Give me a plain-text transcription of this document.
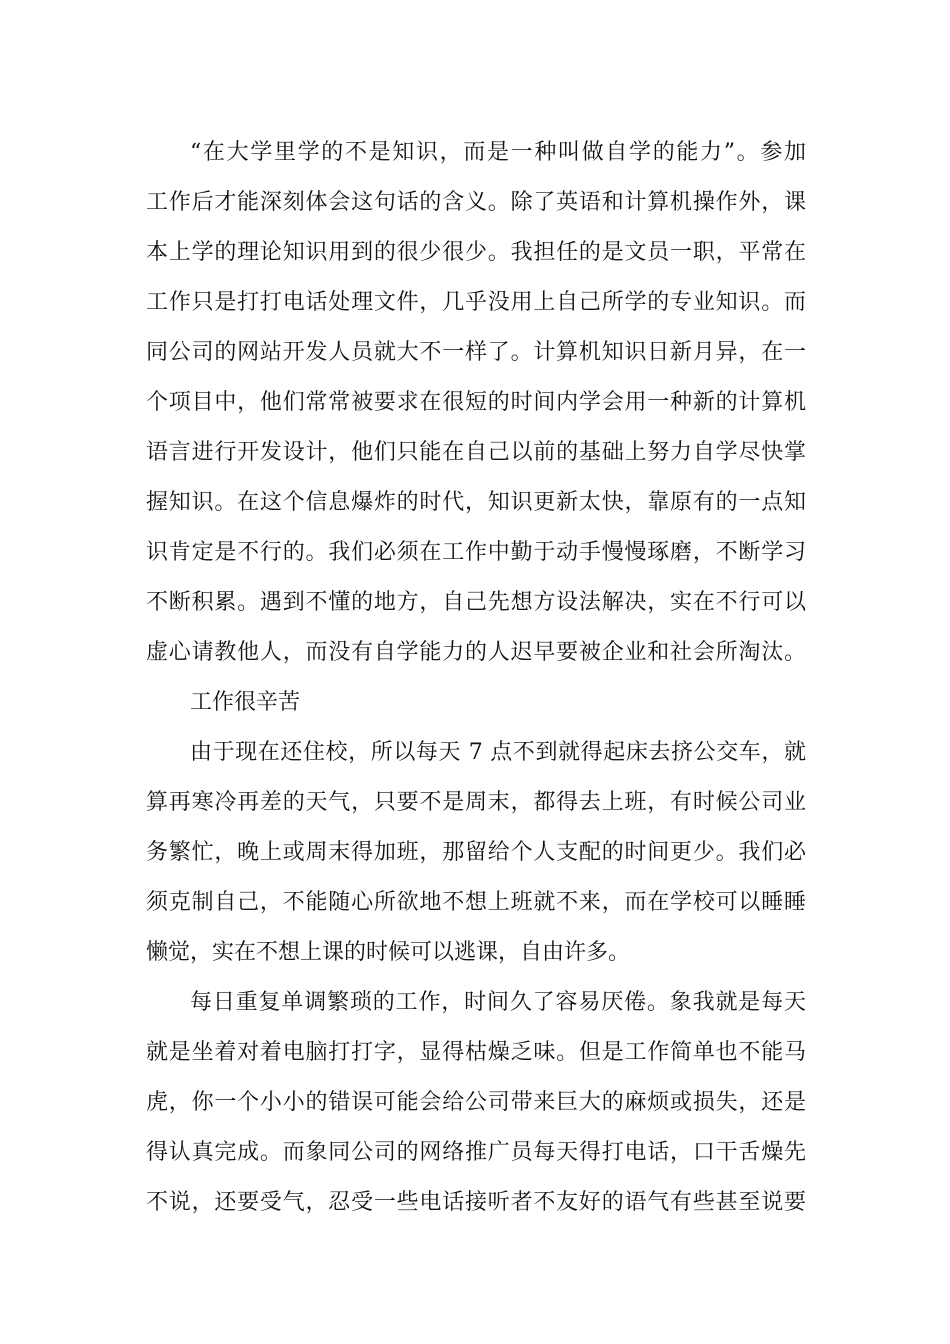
“在大学里学的不是知识，而是一种叫做自学的能力”。参加
工作后才能深刻体会这句话的含义。除了英语和计算机操作外，课
本上学的理论知识用到的很少很少。我担任的是文员一职，平常在
工作只是打打电话处理文件，几乎没用上自己所学的专业知识。而
同公司的网站开发人员就大不一样了。计算机知识日新月异，在一
个项目中，他们常常被要求在很短的时间内学会用一种新的计算机
语言进行开发设计，他们只能在自己以前的基础上努力自学尽快掌
握知识。在这个信息爆炸的时代，知识更新太快，靠原有的一点知
识肯定是不行的。我们必须在工作中勤于动手慢慢琢磨，不断学习
不断积累。遇到不懂的地方，自己先想方设法解决，实在不行可以
虚心请教他人，而没有自学能力的人迟早要被企业和社会所淘汰。
工作很辛苦
由于现在还住校，所以每天 7 点不到就得起床去挤公交车，就
算再寒冷再差的天气，只要不是周末，都得去上班，有时候公司业
务繁忙，晚上或周末得加班，那留给个人支配的时间更少。我们必
须克制自己，不能随心所欲地不想上班就不来，而在学校可以睡睡
懒觉，实在不想上课的时候可以逃课，自由许多。
每日重复单调繁琐的工作，时间久了容易厌倦。象我就是每天
就是坐着对着电脑打打字，显得枯燥乏味。但是工作简单也不能马
虎，你一个小小的错误可能会给公司带来巨大的麻烦或损失，还是
得认真完成。而象同公司的网络推广员每天得打电话，口干舌燥先
不说，还要受气，忍受一些电话接听者不友好的语气有些甚至说要
